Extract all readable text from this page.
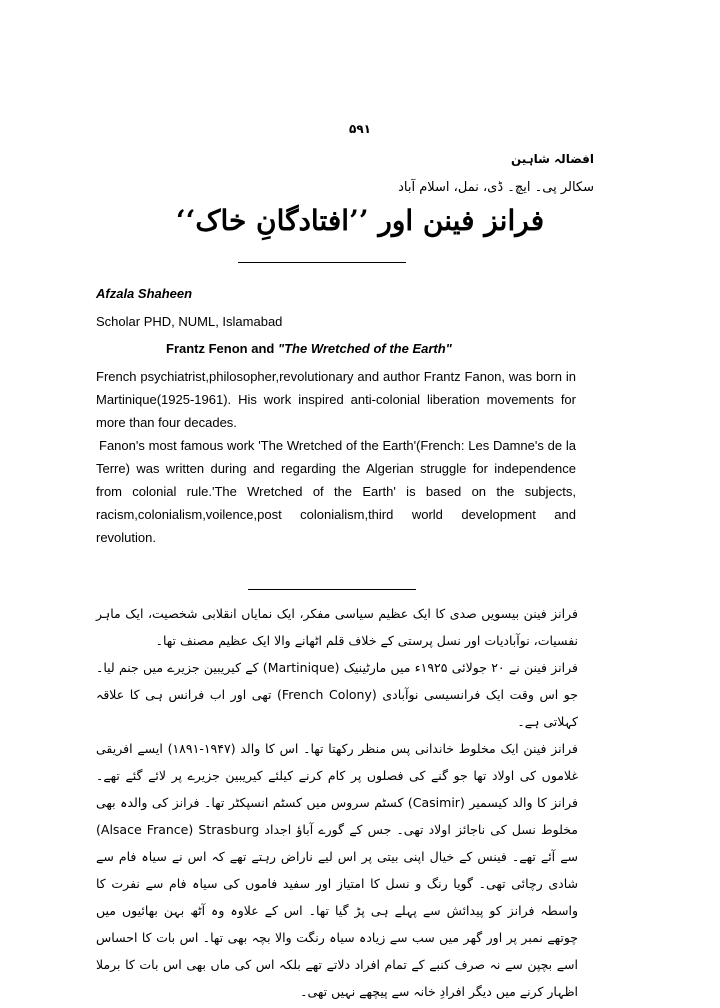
۵۹۱
افضالہ شاہین
سکالر پی۔ ایچ۔ ڈی، نمل، اسلام آباد
فرانز فینن اور ’’افتادگانِ خاک‘‘
Afzala Shaheen
Scholar PHD, NUML, Islamabad
Frantz Fenon and "The Wretched of the Earth"

French psychiatrist,philosopher,revolutionary and author Frantz Fanon, was born in Martinique(1925-1961). His work inspired anti-colonial liberation movements for more than four decades.

Fanon's most famous work 'The Wretched of the Earth'(French: Les Damne's de la Terre) was written during and regarding the Algerian struggle for independence from colonial rule.'The Wretched of the Earth' is based on the subjects, racism,colonialism,voilence,post colonialism,third world development and revolution.

فرانز فینن بیسویں صدی کا ایک عظیم سیاسی مفکر، ایک نمایاں انقلابی شخصیت، ایک ماہر نفسیات، نوآبادیات اور نسل پرستی کے خلاف قلم اٹھانے والا ایک عظیم مصنف تھا۔

فرانز فینن نے ۲۰ جولائی ۱۹۲۵ء میں مارٹینیک (Martinique) کے کیریبین جزیرے میں جنم لیا۔ جو اس وقت ایک فرانسیسی نوآبادی (French Colony) تھی اور اب فرانس ہی کا علاقہ کہلاتی ہے۔

فرانز فینن ایک مخلوط خاندانی پس منظر رکھتا تھا۔ اس کا والد (۱۹۴۷-۱۸۹۱) ایسے افریقی غلاموں کی اولاد تھا جو گنے کی فصلوں پر کام کرنے کیلئے کیریبین جزیرے پر لائے گئے تھے۔ فرانز کا والد کیسمیر (Casimir) کسٹم سروس میں کسٹم انسپکٹر تھا۔ فرانز کی والدہ بھی مخلوط نسل کی ناجائز اولاد تھی۔ جس کے گورے آباؤ اجداد Strasburg (Alsace France) سے آئے تھے۔ فینس کے خیال اپنی بیتی پر اس لیے ناراض رہتے تھے کہ اس نے سیاہ فام سے شادی رچائی تھی۔ گویا رنگ و نسل کا امتیاز اور سفید فاموں کی سیاہ فام سے نفرت کا واسطہ فرانز کو پیدائش سے پہلے ہی پڑ گیا تھا۔ اس کے علاوہ وہ آٹھ بہن بھائیوں میں چوتھے نمبر پر اور گھر میں سب سے زیادہ سیاہ رنگت والا بچہ بھی تھا۔ اس بات کا احساس اسے بچپن سے نہ صرف کنبے کے تمام افراد دلاتے تھے بلکہ اس کی ماں بھی اس بات کا برملا اظہار کرنے میں دیگر افرادِ خانہ سے پیچھے نہیں تھی۔
